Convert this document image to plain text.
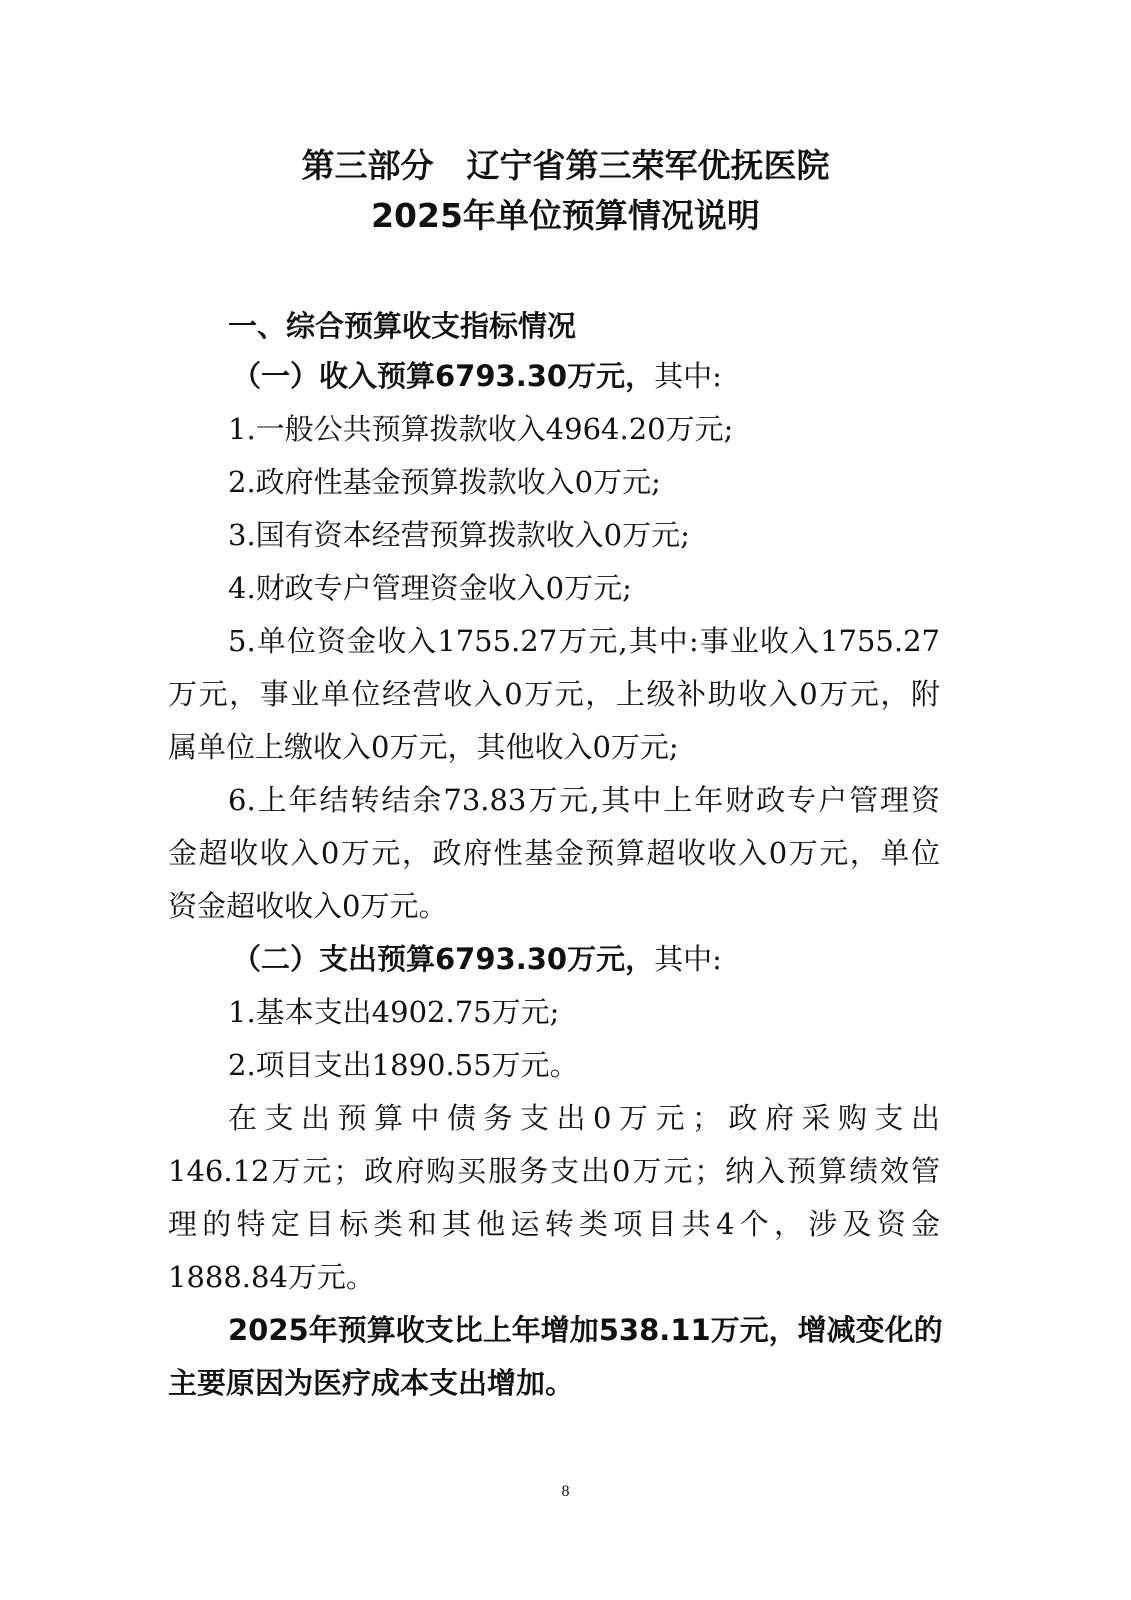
第三部分　辽宁省第三荣军优抚医院
2025年单位预算情况说明

一、综合预算收支指标情况

（一）收入预算6793.30万元，其中:

1.一般公共预算拨款收入4964.20万元;

2.政府性基金预算拨款收入0万元;

3.国有资本经营预算拨款收入0万元;

4.财政专户管理资金收入0万元;

5.单位资金收入1755.27万元,其中:事业收入1755.27

万元，事业单位经营收入0万元，上级补助收入0万元，附

属单位上缴收入0万元，其他收入0万元;

6.上年结转结余73.83万元,其中上年财政专户管理资

金超收收入0万元，政府性基金预算超收收入0万元，单位

资金超收收入0万元。

（二）支出预算6793.30万元，其中:

1.基本支出4902.75万元;

2.项目支出1890.55万元。

在支出预算中债务支出0万元；政府采购支出

146.12万元；政府购买服务支出0万元；纳入预算绩效管

理的特定目标类和其他运转类项目共4个，涉及资金

1888.84万元。

2025年预算收支比上年增加538.11万元，增减变化的

主要原因为医疗成本支出增加。

8
